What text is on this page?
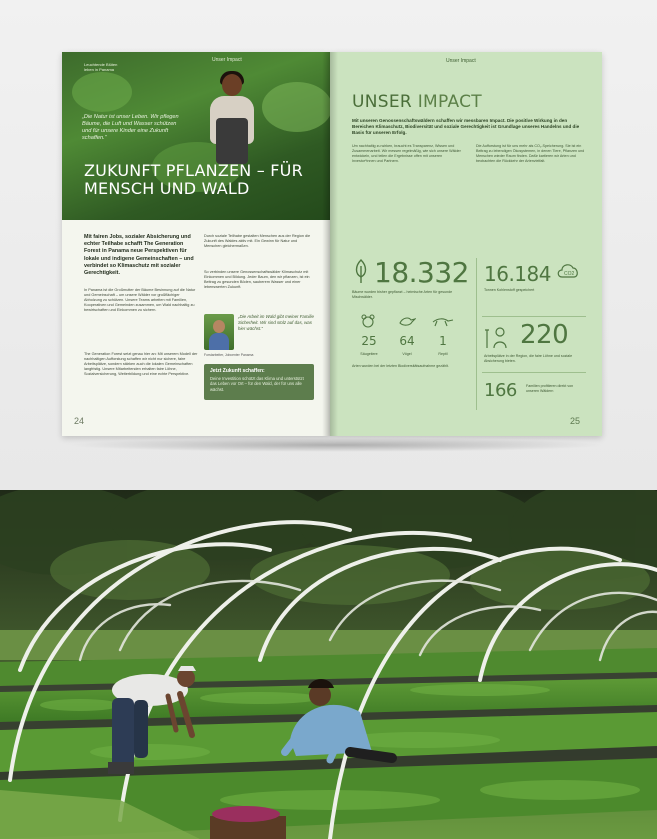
Unser Impact
Leuchtende Blüten leben in Panama
„Die Natur ist unser Leben. Wir pflegen Bäume, die Luft und Wasser schützen und für unsere Kinder eine Zukunft schaffen.“
ZUKUNFT PFLANZEN – FÜR MENSCH UND WALD
Mit fairen Jobs, sozialer Absicherung und echter Teilhabe schafft The Generation Forest in Panama neue Perspektiven für lokale und indigene Gemeinschaften – und verbindet so Klimaschutz mit sozialer Gerechtigkeit.
In Panama ist die Großmutter der Bäume Besinnung auf die Natur und Gemeinschaft – um unsere Wälder vor großflächiger Abholzung zu schützen. Unsere Teams arbeiten mit Familien, Kooperativen und Gemeinden zusammen, um Wald nachhaltig zu bewirtschaften und Einkommen zu sichern.
The Generation Forest setzt genau hier an: Mit unserem Modell der nachhaltigen Aufforstung schaffen wir nicht nur sichere, faire Arbeitsplätze, sondern stärken auch die lokalen Gemeinschaften langfristig. Unsere Mitarbeitenden erhalten faire Löhne, Sozialversicherung, Weiterbildung und eine echte Perspektive.
Durch soziale Teilhabe gestalten Menschen aus der Region die Zukunft des Waldes aktiv mit. Ein Gewinn für Natur und Menschen gleichermaßen.
So verbinden unsere Genossenschaftswälder Klimaschutz mit Einkommen und Bildung. Jeder Baum, den wir pflanzen, ist ein Beitrag zu gesunden Böden, sauberem Wasser und einer lebenswerten Zukunft.
„Die Arbeit im Wald gibt meiner Familie Sicherheit. Wir sind stolz auf das, was hier wächst.“
Forstarbeiter, Jobcenter Panama
Jetzt Zukunft schaffen:
Deine Investition schützt das Klima und unterstützt das Leben vor Ort – für den Wald, der für uns alle wächst.
24
Unser Impact
UNSER IMPACT
Mit unseren Genossenschaftswäldern schaffen wir messbaren Impact. Die positive Wirkung in den Bereichen Klimaschutz, Biodiversität und soziale Gerechtigkeit ist Grundlage unseres Handelns und die Basis für unseren Erfolg.
Um nachhaltig zu wirken, braucht es Transparenz, Wissen und Zusammenarbeit. Wir messen regelmäßig, wie sich unsere Wälder entwickeln, und teilen die Ergebnisse offen mit unseren Investor*innen und Partnern.
Die Aufforstung ist für uns mehr als CO₂-Speicherung. Sie ist ein Beitrag zu lebendigen Ökosystemen, in denen Tiere, Pflanzen und Menschen wieder Raum finden. Dafür kartieren wir Arten und beobachten die Rückkehr der Artenvielfalt.
18.332
Bäume wurden bisher gepflanzt – heimische Arten für gesunde Mischwälder.
16.184	CO2
Tonnen Kohlenstoff gespeichert
25	64	1
Säugetiere	Vögel	Reptil
Arten wurden bei der letzten Biodiversitätsaufnahme gezählt.
220
Arbeitsplätze in der Region, die faire Löhne und soziale Absicherung bieten.
166	Familien profitieren direkt von unseren Wäldern
25
